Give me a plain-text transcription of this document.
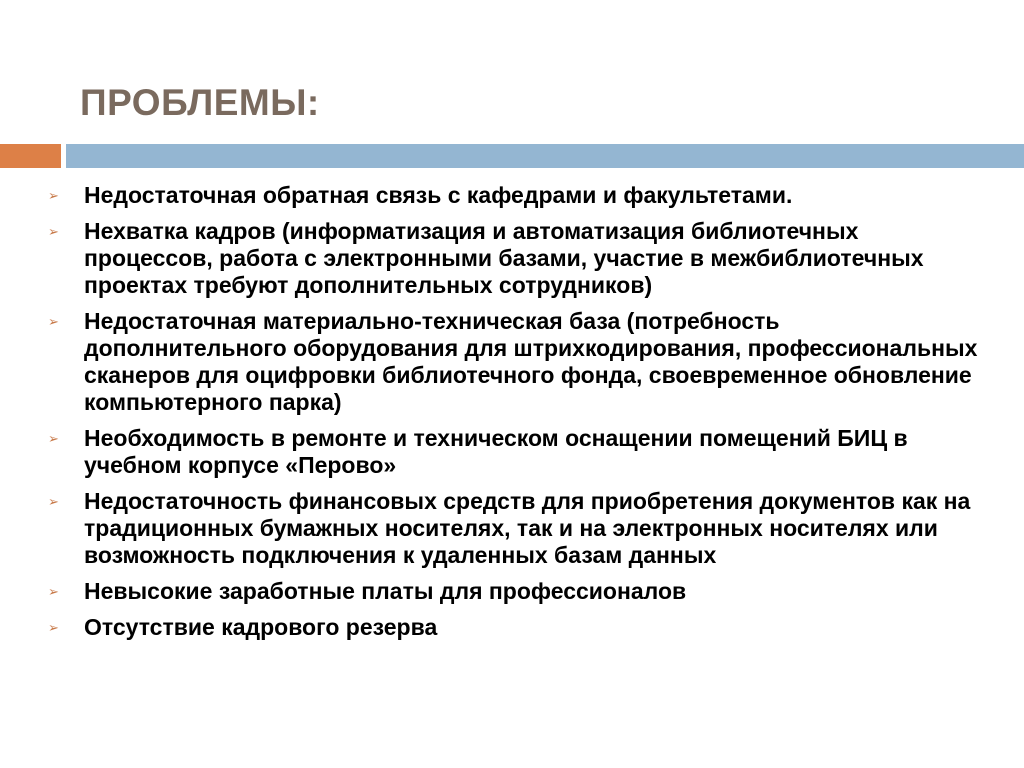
ПРОБЛЕМЫ:
➢ Недостаточная обратная связь с кафедрами и факультетами.
➢ Нехватка кадров (информатизация и автоматизация библиотечных процессов, работа с электронными базами, участие в межбиблиотечных проектах требуют дополнительных сотрудников)
➢ Недостаточная материально-техническая база (потребность дополнительного оборудования для штрихкодирования, профессиональных сканеров для оцифровки библиотечного фонда, своевременное обновление компьютерного парка)
➢ Необходимость в ремонте и техническом оснащении помещений БИЦ в учебном корпусе «Перово»
➢ Недостаточность финансовых средств для приобретения документов как на традиционных бумажных носителях, так и на электронных носителях или возможность подключения к удаленных базам данных
➢ Невысокие заработные платы для профессионалов
➢ Отсутствие кадрового резерва
